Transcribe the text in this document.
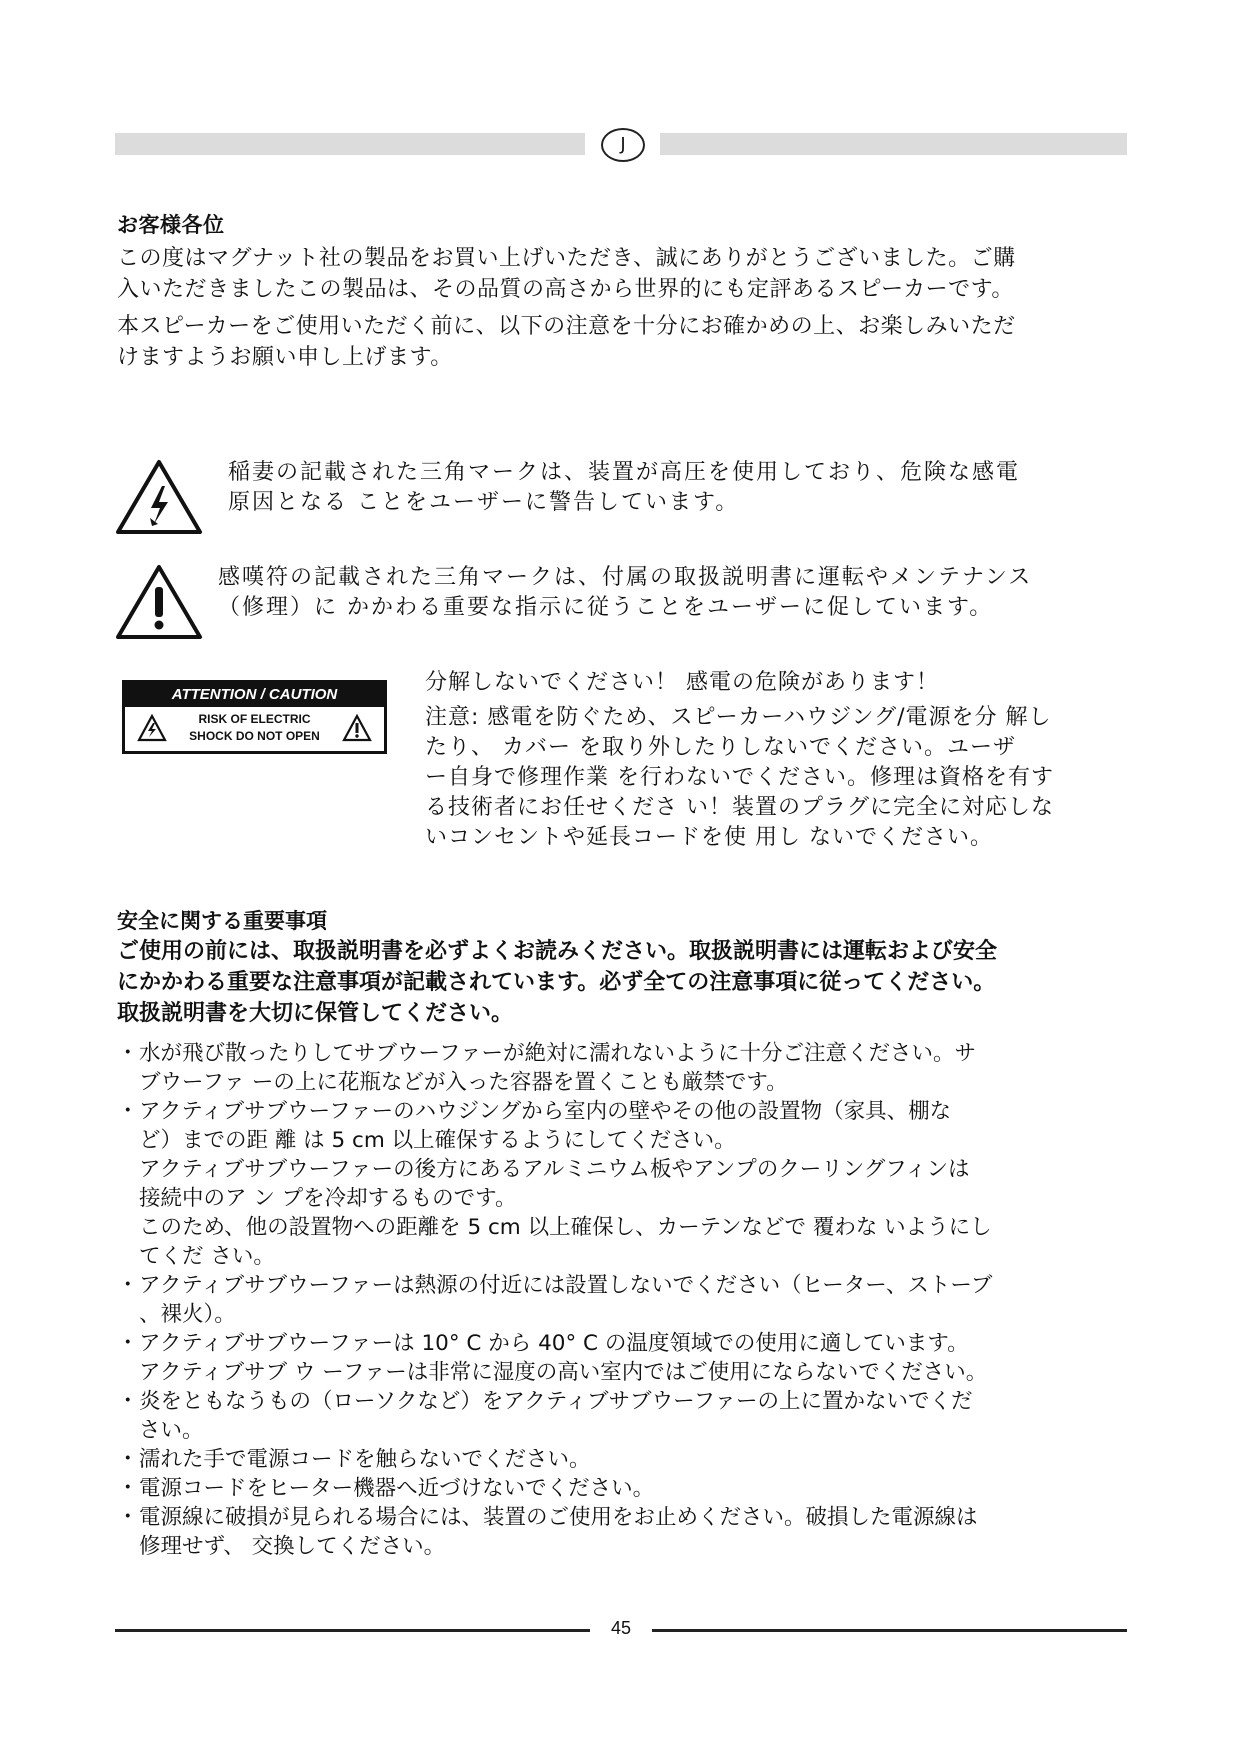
J
お客様各位
この度はマグナット社の製品をお買い上げいただき、誠にありがとうございました。ご購
入いただきましたこの製品は、その品質の高さから世界的にも定評あるスピーカーです。
本スピーカーをご使用いただく前に、以下の注意を十分にお確かめの上、お楽しみいただ
けますようお願い申し上げます。
稲妻の記載された三角マークは、装置が高圧を使用しており、危険な感電
原因となる ことをユーザーに警告しています。
感嘆符の記載された三角マークは、付属の取扱説明書に運転やメンテナンス
（修理）に かかわる重要な指示に従うことをユーザーに促しています。
ATTENTION / CAUTION
RISK OF ELECTRIC
SHOCK DO NOT OPEN
分解しないでください！ 感電の危険があります！
注意: 感電を防ぐため、スピーカーハウジング/電源を分 解し
たり、 カバー を取り外したりしないでください。ユーザ
ー自身で修理作業 を行わないでください。修理は資格を有す
る技術者にお任せくださ い！装置のプラグに完全に対応しな
いコンセントや延長コードを使 用し ないでください。
安全に関する重要事項
ご使用の前には、取扱説明書を必ずよくお読みください。取扱説明書には運転および安全
にかかわる重要な注意事項が記載されています。必ず全ての注意事項に従ってください。
取扱説明書を大切に保管してください。
・ 水が飛び散ったりしてサブウーファーが絶対に濡れないように十分ご注意ください。サ
ブウーファ ーの上に花瓶などが入った容器を置くことも厳禁です。
・ アクティブサブウーファーのハウジングから室内の壁やその他の設置物（家具、棚な
ど）までの距 離 は 5 cm 以上確保するようにしてください。
アクティブサブウーファーの後方にあるアルミニウム板やアンプのクーリングフィンは
接続中のア ン プを冷却するものです。
このため、他の設置物への距離を 5 cm 以上確保し、カーテンなどで 覆わな いようにし
てくだ さい。
・ アクティブサブウーファーは熱源の付近には設置しないでください（ヒーター、ストーブ
、裸火）。
・ アクティブサブウーファーは 10° C から 40° C の温度領域での使用に適しています。
アクティブサブ ウ ーファーは非常に湿度の高い室内ではご使用にならないでください。
・ 炎をともなうもの（ローソクなど）をアクティブサブウーファーの上に置かないでくだ
さい。
・ 濡れた手で電源コードを触らないでください。
・ 電源コードをヒーター機器へ近づけないでください。
・ 電源線に破損が見られる場合には、装置のご使用をお止めください。破損した電源線は
修理せず、 交換してください。
45
